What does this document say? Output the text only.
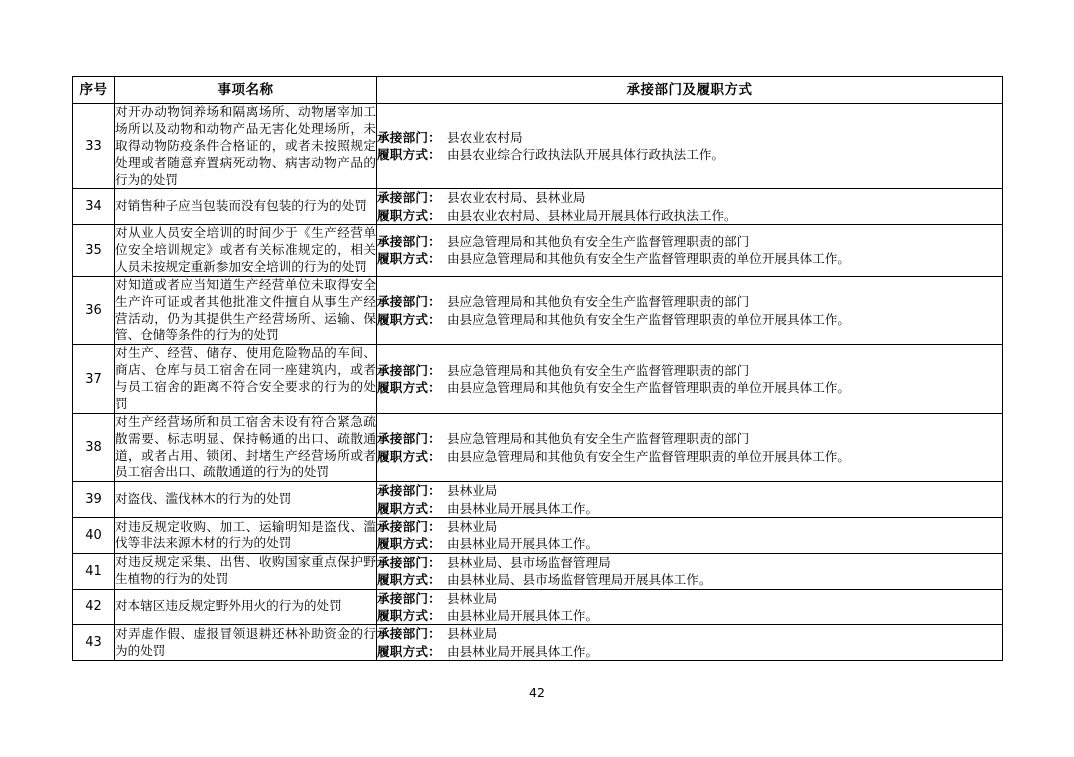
序号	事项名称	承接部门及履职方式
33	对开办动物饲养场和隔离场所、动物屠宰加工场所以及动物和动物产品无害化处理场所，未取得动物防疫条件合格证的，或者未按照规定处理或者随意弃置病死动物、病害动物产品的行为的处罚	承接部门： 县农业农村局
履职方式： 由县农业综合行政执法队开展具体行政执法工作。

34	对销售种子应当包装而没有包装的行为的处罚	承接部门： 县农业农村局、县林业局
履职方式： 由县农业农村局、县林业局开展具体行政执法工作。

35	对从业人员安全培训的时间少于《生产经营单位安全培训规定》或者有关标准规定的，相关人员未按规定重新参加安全培训的行为的处罚	承接部门： 县应急管理局和其他负有安全生产监督管理职责的部门
履职方式： 由县应急管理局和其他负有安全生产监督管理职责的单位开展具体工作。

36	对知道或者应当知道生产经营单位未取得安全生产许可证或者其他批准文件擅自从事生产经营活动，仍为其提供生产经营场所、运输、保管、仓储等条件的行为的处罚	承接部门： 县应急管理局和其他负有安全生产监督管理职责的部门
履职方式： 由县应急管理局和其他负有安全生产监督管理职责的单位开展具体工作。

37	对生产、经营、储存、使用危险物品的车间、商店、仓库与员工宿舍在同一座建筑内，或者与员工宿舍的距离不符合安全要求的行为的处罚	承接部门： 县应急管理局和其他负有安全生产监督管理职责的部门
履职方式： 由县应急管理局和其他负有安全生产监督管理职责的单位开展具体工作。

38	对生产经营场所和员工宿舍未设有符合紧急疏散需要、标志明显、保持畅通的出口、疏散通道，或者占用、锁闭、封堵生产经营场所或者员工宿舍出口、疏散通道的行为的处罚	承接部门： 县应急管理局和其他负有安全生产监督管理职责的部门
履职方式： 由县应急管理局和其他负有安全生产监督管理职责的单位开展具体工作。

39	对盗伐、滥伐林木的行为的处罚	承接部门： 县林业局
履职方式： 由县林业局开展具体工作。

40	对违反规定收购、加工、运输明知是盗伐、滥伐等非法来源木材的行为的处罚	承接部门： 县林业局
履职方式： 由县林业局开展具体工作。

41	对违反规定采集、出售、收购国家重点保护野生植物的行为的处罚	承接部门： 县林业局、县市场监督管理局
履职方式： 由县林业局、县市场监督管理局开展具体工作。

42	对本辖区违反规定野外用火的行为的处罚	承接部门： 县林业局
履职方式： 由县林业局开展具体工作。

43	对弄虚作假、虚报冒领退耕还林补助资金的行为的处罚	承接部门： 县林业局
履职方式： 由县林业局开展具体工作。
42
